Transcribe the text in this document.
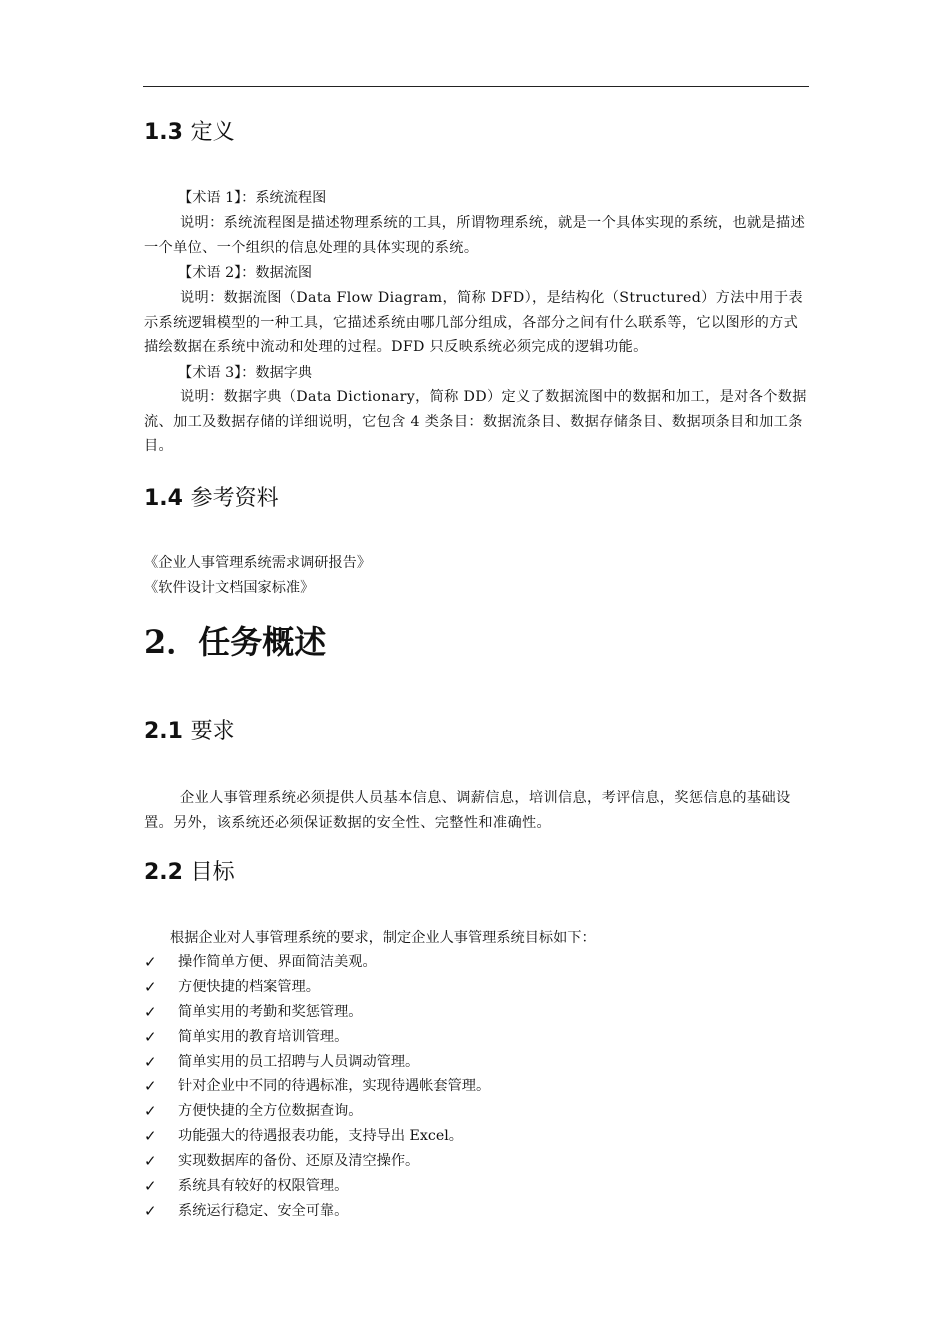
1.3 定义
【术语 1】：系统流程图

说明：系统流程图是描述物理系统的工具，所谓物理系统，就是一个具体实现的系统，也就是描述一个单位、一个组织的信息处理的具体实现的系统。

【术语 2】：数据流图

说明：数据流图（Data Flow Diagram，简称 DFD），是结构化（Structured）方法中用于表示系统逻辑模型的一种工具，它描述系统由哪几部分组成，各部分之间有什么联系等，它以图形的方式描绘数据在系统中流动和处理的过程。DFD 只反映系统必须完成的逻辑功能。

【术语 3】：数据字典

说明：数据字典（Data Dictionary，简称 DD）定义了数据流图中的数据和加工，是对各个数据流、加工及数据存储的详细说明，它包含 4 类条目：数据流条目、数据存储条目、数据项条目和加工条目。

1.4 参考资料
《企业人事管理系统需求调研报告》
《软件设计文档国家标准》
2．任务概述
2.1 要求

企业人事管理系统必须提供人员基本信息、调薪信息，培训信息，考评信息，奖惩信息的基础设置。另外，该系统还必须保证数据的安全性、完整性和准确性。

2.2 目标
根据企业对人事管理系统的要求，制定企业人事管理系统目标如下：
✓ 操作简单方便、界面简洁美观。
✓ 方便快捷的档案管理。
✓ 简单实用的考勤和奖惩管理。
✓ 简单实用的教育培训管理。
✓ 简单实用的员工招聘与人员调动管理。
✓ 针对企业中不同的待遇标准，实现待遇帐套管理。
✓ 方便快捷的全方位数据查询。
✓ 功能强大的待遇报表功能，支持导出 Excel。
✓ 实现数据库的备份、还原及清空操作。
✓ 系统具有较好的权限管理。
✓ 系统运行稳定、安全可靠。
